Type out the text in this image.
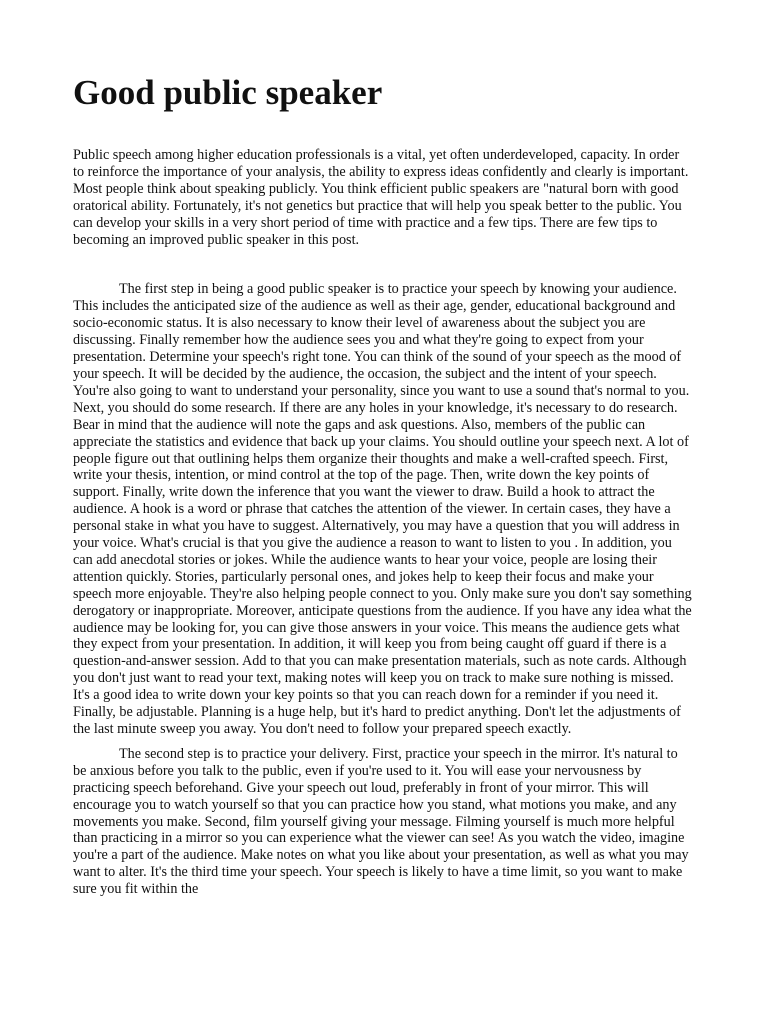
Good public speaker

Public speech among higher education professionals is a vital, yet often underdeveloped, capacity. In order to reinforce the importance of your analysis, the ability to express ideas confidently and clearly is important. Most people think about speaking publicly. You think efficient public speakers are "natural born with good oratorical ability. Fortunately, it's not genetics but practice that will help you speak better to the public. You can develop your skills in a very short period of time with practice and a few tips. There are few tips to becoming an improved public speaker in this post.

The first step in being a good public speaker is to practice your speech by knowing your audience. This includes the anticipated size of the audience as well as their age, gender, educational background and socio-economic status. It is also necessary to know their level of awareness about the subject you are discussing. Finally remember how the audience sees you and what they're going to expect from your presentation. Determine your speech's right tone. You can think of the sound of your speech as the mood of your speech. It will be decided by the audience, the occasion, the subject and the intent of your speech. You're also going to want to understand your personality, since you want to use a sound that's normal to you. Next, you should do some research. If there are any holes in your knowledge, it's necessary to do research. Bear in mind that the audience will note the gaps and ask questions. Also, members of the public can appreciate the statistics and evidence that back up your claims. You should outline your speech next. A lot of people figure out that outlining helps them organize their thoughts and make a well-crafted speech. First, write your thesis, intention, or mind control at the top of the page. Then, write down the key points of support. Finally, write down the inference that you want the viewer to draw. Build a hook to attract the audience. A hook is a word or phrase that catches the attention of the viewer. In certain cases, they have a personal stake in what you have to suggest. Alternatively, you may have a question that you will address in your voice. What's crucial is that you give the audience a reason to want to listen to you . In addition, you can add anecdotal stories or jokes. While the audience wants to hear your voice, people are losing their attention quickly. Stories, particularly personal ones, and jokes help to keep their focus and make your speech more enjoyable. They're also helping people connect to you. Only make sure you don't say something derogatory or inappropriate. Moreover, anticipate questions from the audience. If you have any idea what the audience may be looking for, you can give those answers in your voice. This means the audience gets what they expect from your presentation. In addition, it will keep you from being caught off guard if there is a question-and-answer session. Add to that you can make presentation materials, such as note cards. Although you don't just want to read your text, making notes will keep you on track to make sure nothing is missed. It's a good idea to write down your key points so that you can reach down for a reminder if you need it. Finally, be adjustable. Planning is a huge help, but it's hard to predict anything. Don't let the adjustments of the last minute sweep you away. You don't need to follow your prepared speech exactly.

The second step is to practice your delivery. First, practice your speech in the mirror. It's natural to be anxious before you talk to the public, even if you're used to it. You will ease your nervousness by practicing speech beforehand. Give your speech out loud, preferably in front of your mirror. This will encourage you to watch yourself so that you can practice how you stand, what motions you make, and any movements you make. Second, film yourself giving your message. Filming yourself is much more helpful than practicing in a mirror so you can experience what the viewer can see! As you watch the video, imagine you're a part of the audience. Make notes on what you like about your presentation, as well as what you may want to alter. It's the third time your speech. Your speech is likely to have a time limit, so you want to make sure you fit within the
